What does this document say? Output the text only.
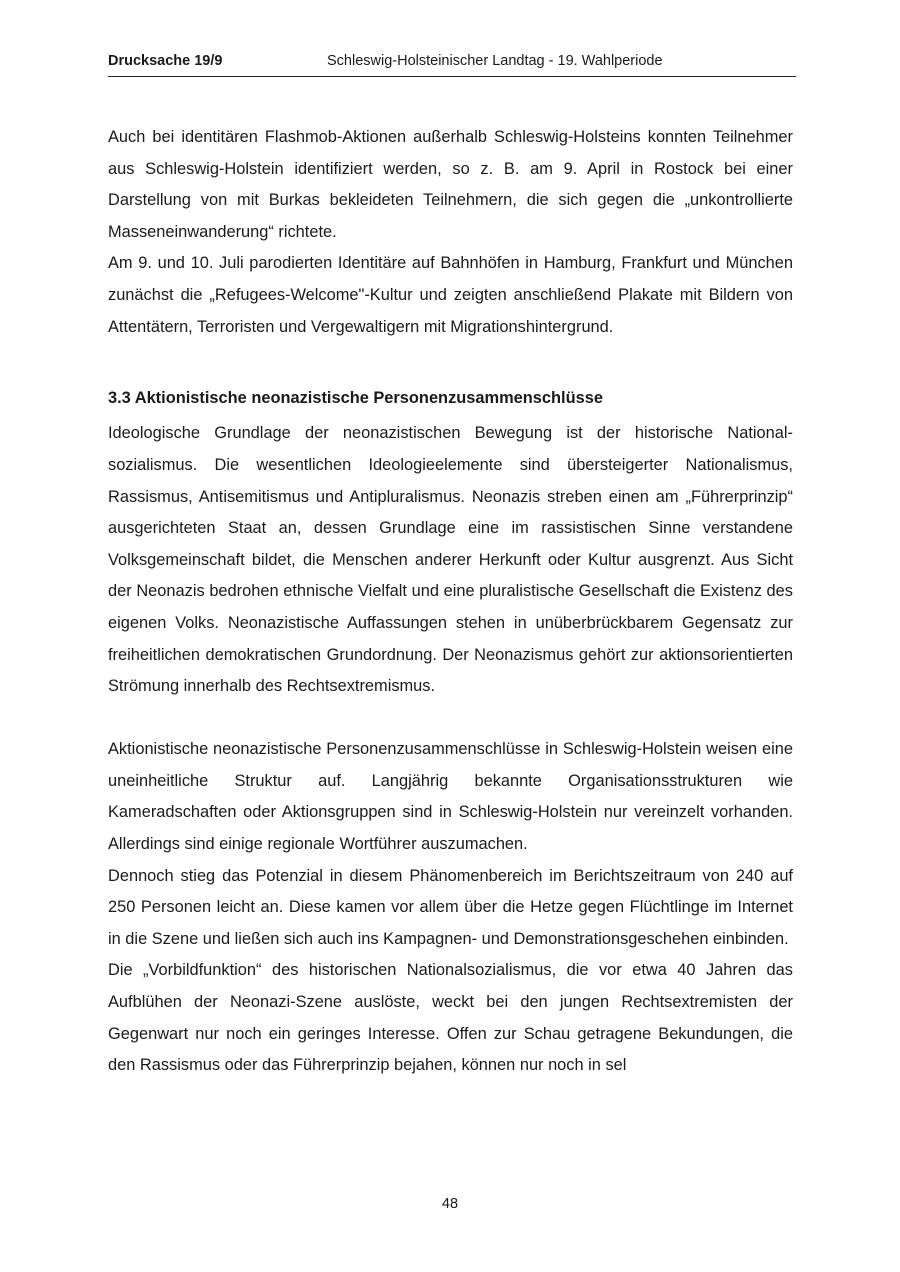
Drucksache 19/9	Schleswig-Holsteinischer Landtag - 19. Wahlperiode

Auch bei identitären Flashmob-Aktionen außerhalb Schleswig-Holsteins konnten Teilnehmer aus Schleswig-Holstein identifiziert werden, so z. B. am 9. April in Rostock bei einer Darstellung von mit Burkas bekleideten Teilnehmern, die sich gegen die „unkontrollierte Masseneinwanderung“ richtete.

Am 9. und 10. Juli parodierten Identitäre auf Bahnhöfen in Hamburg, Frankfurt und München zunächst die „Refugees-Welcome"-Kultur und zeigten anschließend Plakate mit Bildern von Attentätern, Terroristen und Vergewaltigern mit Migrationshintergrund.

3.3 Aktionistische neonazistische Personenzusammenschlüsse

Ideologische Grundlage der neonazistischen Bewegung ist der historische Nationalsozialismus. Die wesentlichen Ideologieelemente sind übersteigerter Nationalismus, Rassismus, Antisemitismus und Antipluralismus. Neonazis streben einen am „Führerprinzip“ ausgerichteten Staat an, dessen Grundlage eine im rassistischen Sinne verstandene Volksgemeinschaft bildet, die Menschen anderer Herkunft oder Kultur ausgrenzt. Aus Sicht der Neonazis bedrohen ethnische Vielfalt und eine pluralistische Gesellschaft die Existenz des eigenen Volks. Neonazistische Auffassungen stehen in unüberbrückbarem Gegensatz zur freiheitlichen demokratischen Grundordnung. Der Neonazismus gehört zur aktionsorientierten Strömung innerhalb des Rechtsextremismus.

Aktionistische neonazistische Personenzusammenschlüsse in Schleswig-Holstein weisen eine uneinheitliche Struktur auf. Langjährig bekannte Organisationsstrukturen wie Kameradschaften oder Aktionsgruppen sind in Schleswig-Holstein nur vereinzelt vorhanden. Allerdings sind einige regionale Wortführer auszumachen.

Dennoch stieg das Potenzial in diesem Phänomenbereich im Berichtszeitraum von 240 auf 250 Personen leicht an. Diese kamen vor allem über die Hetze gegen Flüchtlinge im Internet in die Szene und ließen sich auch ins Kampagnen- und Demonstrationsgeschehen einbinden.

Die „Vorbildfunktion“ des historischen Nationalsozialismus, die vor etwa 40 Jahren das Aufblühen der Neonazi-Szene auslöste, weckt bei den jungen Rechtsextremisten der Gegenwart nur noch ein geringes Interesse. Offen zur Schau getragene Bekundungen, die den Rassismus oder das Führerprinzip bejahen, können nur noch in sel

48
